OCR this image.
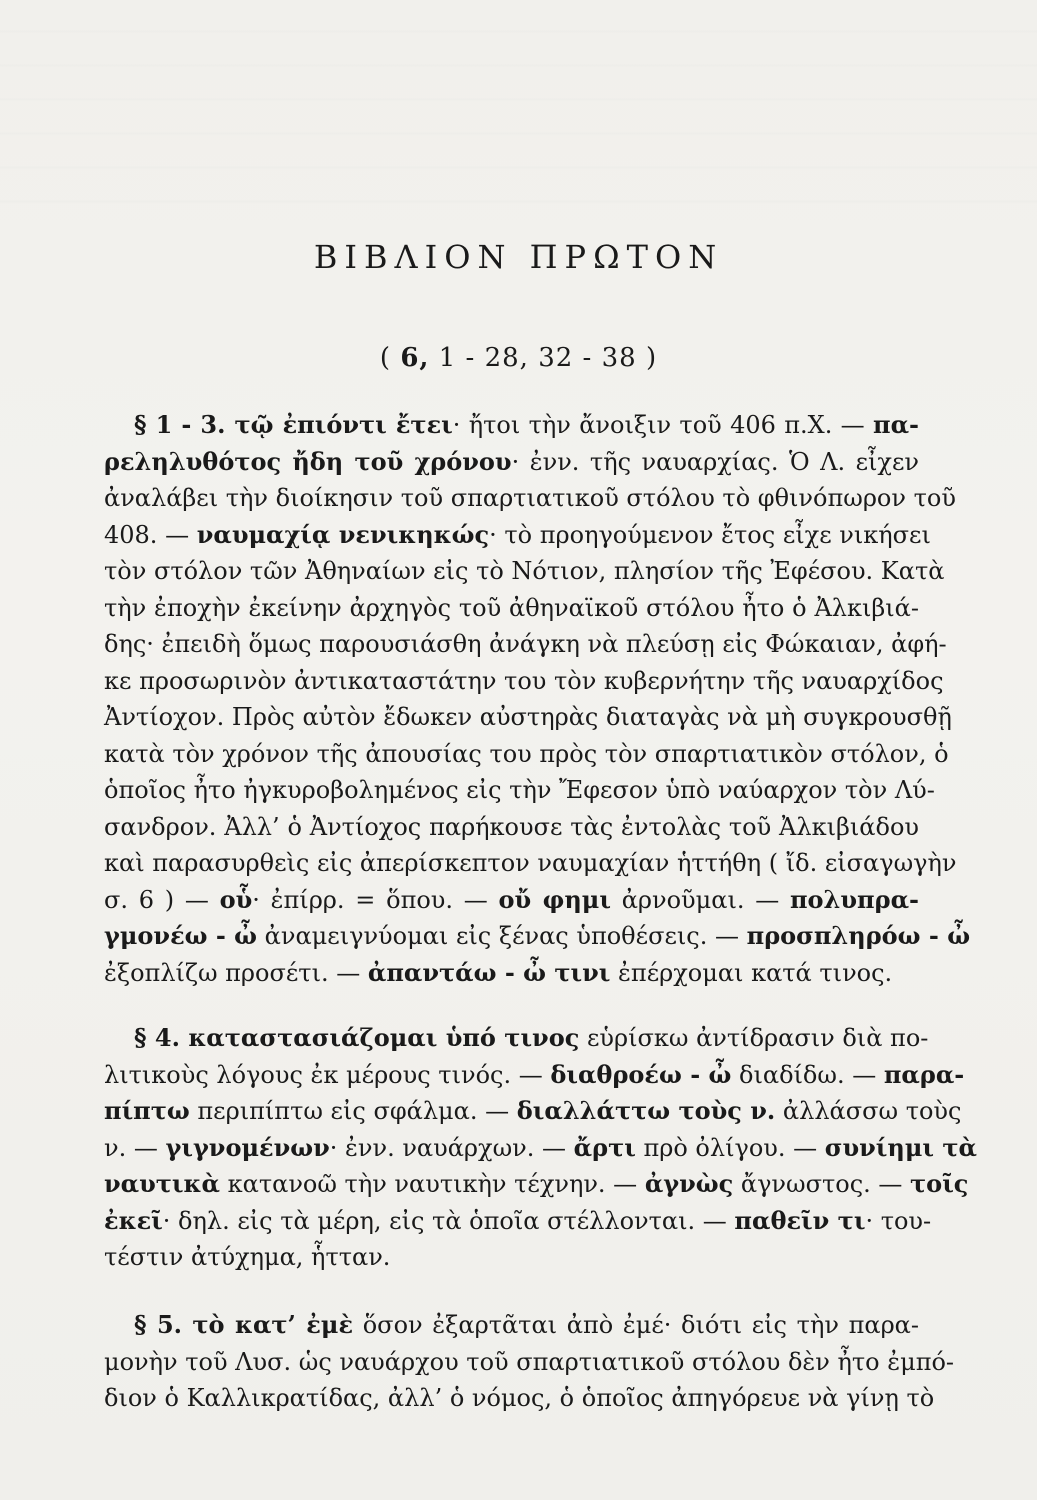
ΒΙΒΛΙΟΝ ΠΡΩΤΟΝ
( 6, 1 - 28, 32 - 38 )
§ 1 - 3. τῷ ἐπιόντι ἔτει· ἤτοι τὴν ἄνοιξιν τοῦ 406 π.Χ. — πα-
ρεληλυθότος ἤδη τοῦ χρόνου· ἐνν. τῆς ναυαρχίας. Ὁ Λ. εἶχεν
ἀναλάβει τὴν διοίκησιν τοῦ σπαρτιατικοῦ στόλου τὸ φθινόπωρον τοῦ
408. — ναυμαχίᾳ νενικηκώς· τὸ προηγούμενον ἔτος εἶχε νικήσει
τὸν στόλον τῶν Ἀθηναίων εἰς τὸ Νότιον, πλησίον τῆς Ἐφέσου. Κατὰ
τὴν ἐποχὴν ἐκείνην ἀρχηγὸς τοῦ ἀθηναϊκοῦ στόλου ἦτο ὁ Ἀλκιβιά-
δης· ἐπειδὴ ὅμως παρουσιάσθη ἀνάγκη νὰ πλεύσῃ εἰς Φώκαιαν, ἀφή-
κε προσωρινὸν ἀντικαταστάτην του τὸν κυβερνήτην τῆς ναυαρχίδος
Ἀντίοχον. Πρὸς αὐτὸν ἔδωκεν αὐστηρὰς διαταγὰς νὰ μὴ συγκρουσθῇ
κατὰ τὸν χρόνον τῆς ἀπουσίας του πρὸς τὸν σπαρτιατικὸν στόλον, ὁ
ὁποῖος ἦτο ἠγκυροβολημένος εἰς τὴν Ἔφεσον ὑπὸ ναύαρχον τὸν Λύ-
σανδρον. Ἀλλ’ ὁ Ἀντίοχος παρήκουσε τὰς ἐντολὰς τοῦ Ἀλκιβιάδου
καὶ παρασυρθεὶς εἰς ἀπερίσκεπτον ναυμαχίαν ἡττήθη ( ἴδ. εἰσαγωγὴν
σ. 6 ) — οὗ· ἐπίρρ. = ὅπου. — οὔ φημι ἀρνοῦμαι. — πολυπρα-
γμονέω - ὦ ἀναμειγνύομαι εἰς ξένας ὑποθέσεις. — προσπληρόω - ὦ
ἐξοπλίζω προσέτι. — ἀπαντάω - ὦ τινι ἐπέρχομαι κατά τινος.
§ 4. καταστασιάζομαι ὑπό τινος εὑρίσκω ἀντίδρασιν διὰ πο-
λιτικοὺς λόγους ἐκ μέρους τινός. — διαθροέω - ὦ διαδίδω. — παρα-
πίπτω περιπίπτω εἰς σφάλμα. — διαλλάττω τοὺς ν. ἀλλάσσω τοὺς
ν. — γιγνομένων· ἐνν. ναυάρχων. — ἄρτι πρὸ ὀλίγου. — συνίημι τὰ
ναυτικὰ κατανοῶ τὴν ναυτικὴν τέχνην. — ἀγνὼς ἄγνωστος. — τοῖς
ἐκεῖ· δηλ. εἰς τὰ μέρη, εἰς τὰ ὁποῖα στέλλονται. — παθεῖν τι· του-
τέστιν ἀτύχημα, ἧτταν.
§ 5. τὸ κατ’ ἐμὲ ὅσον ἐξαρτᾶται ἀπὸ ἐμέ· διότι εἰς τὴν παρα-
μονὴν τοῦ Λυσ. ὡς ναυάρχου τοῦ σπαρτιατικοῦ στόλου δὲν ἦτο ἐμπό-
διον ὁ Καλλικρατίδας, ἀλλ’ ὁ νόμος, ὁ ὁποῖος ἀπηγόρευε νὰ γίνῃ τὸ
